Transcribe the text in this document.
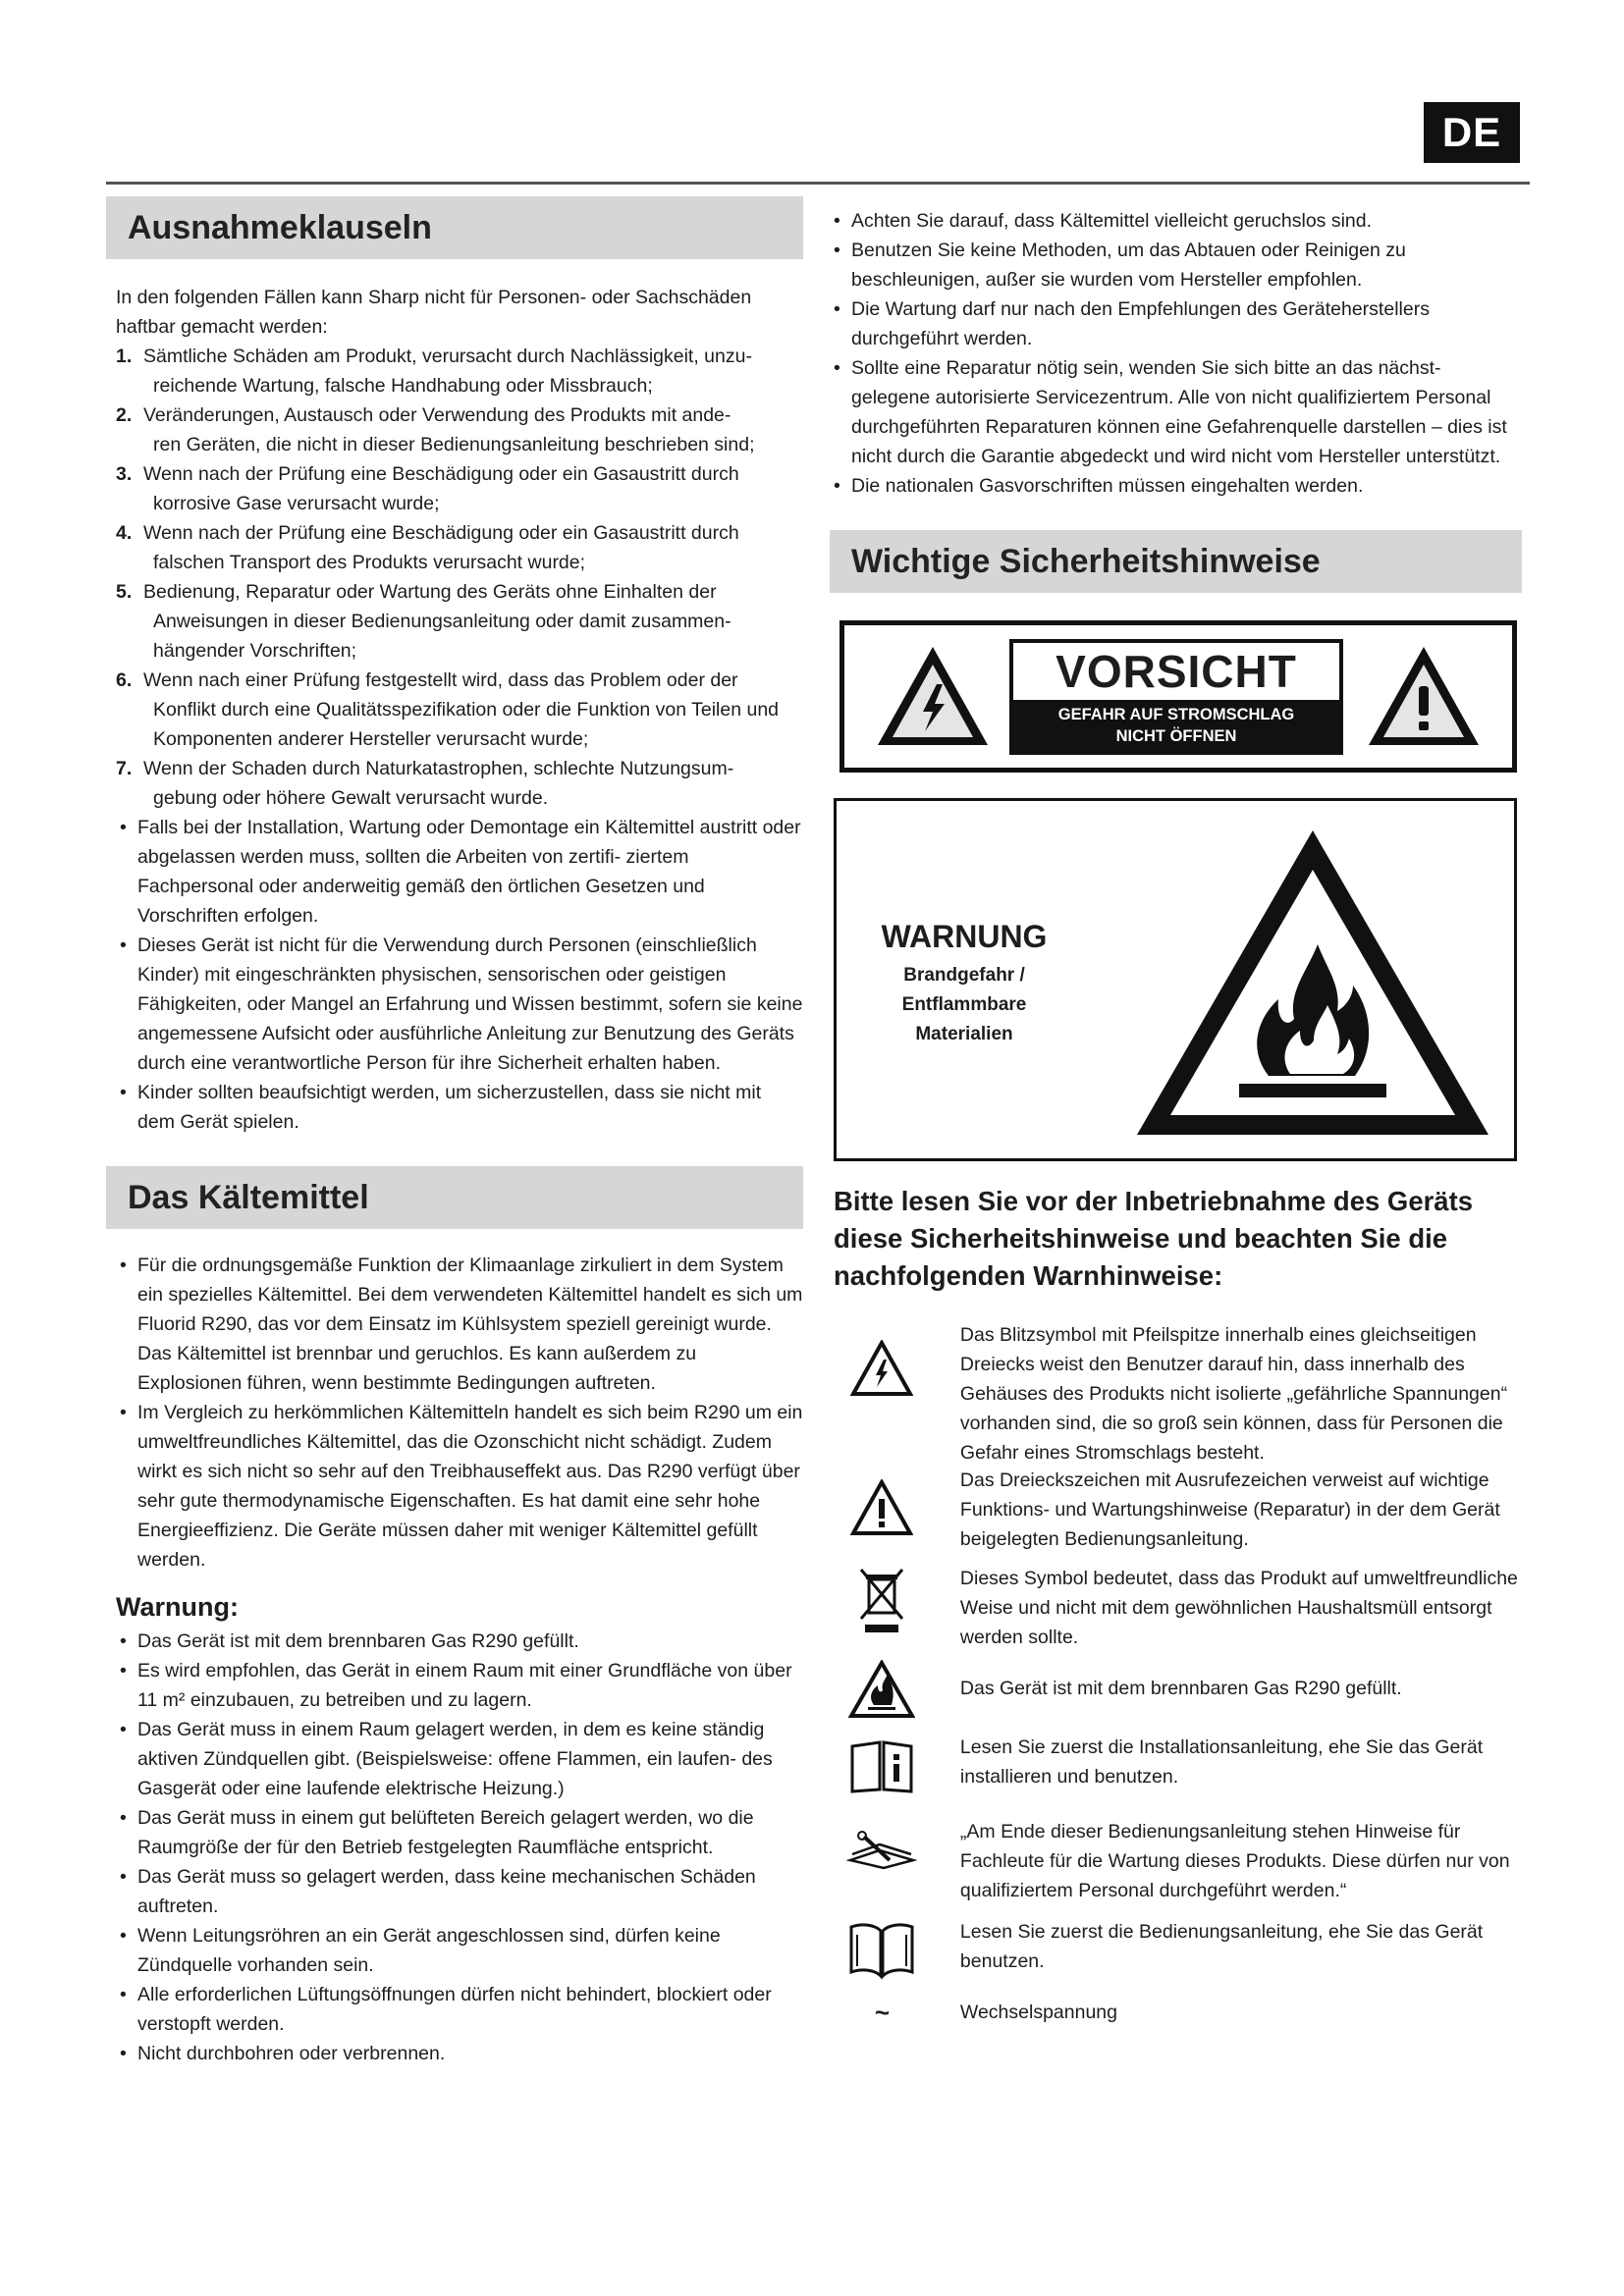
DE
Ausnahmeklauseln

In den folgenden Fällen kann Sharp nicht für Personen- oder Sachschäden haftbar gemacht werden:

1. Sämtliche Schäden am Produkt, verursacht durch Nachlässigkeit, unzu-
reichende Wartung, falsche Handhabung oder Missbrauch;
2. Veränderungen, Austausch oder Verwendung des Produkts mit ande-
ren Geräten, die nicht in dieser Bedienungsanleitung beschrieben sind;
3. Wenn nach der Prüfung eine Beschädigung oder ein Gasaustritt durch
korrosive Gase verursacht wurde;
4. Wenn nach der Prüfung eine Beschädigung oder ein Gasaustritt durch
falschen Transport des Produkts verursacht wurde;
5. Bedienung, Reparatur oder Wartung des Geräts ohne Einhalten der
Anweisungen in dieser Bedienungsanleitung oder damit zusammen- hängender Vorschriften;
6. Wenn nach einer Prüfung festgestellt wird, dass das Problem oder der
Konflikt durch eine Qualitätsspezifikation oder die Funktion von Teilen und Komponenten anderer Hersteller verursacht wurde;
7. Wenn der Schaden durch Naturkatastrophen, schlechte Nutzungsum-
gebung oder höhere Gewalt verursacht wurde.
• Falls bei der Installation, Wartung oder Demontage ein Kältemittel austritt oder abgelassen werden muss, sollten die Arbeiten von zertifi- ziertem Fachpersonal oder anderweitig gemäß den örtlichen Gesetzen und Vorschriften erfolgen.
• Dieses Gerät ist nicht für die Verwendung durch Personen (einschließlich Kinder) mit eingeschränkten physischen, sensorischen oder geistigen Fähigkeiten, oder Mangel an Erfahrung und Wissen bestimmt, sofern sie keine angemessene Aufsicht oder ausführliche Anleitung zur Benutzung des Geräts durch eine verantwortliche Person für ihre Sicherheit erhalten haben.
• Kinder sollten beaufsichtigt werden, um sicherzustellen, dass sie nicht mit dem Gerät spielen.
Das Kältemittel
• Für die ordnungsgemäße Funktion der Klimaanlage zirkuliert in dem System ein spezielles Kältemittel. Bei dem verwendeten Kältemittel handelt es sich um Fluorid R290, das vor dem Einsatz im Kühlsystem speziell gereinigt wurde. Das Kältemittel ist brennbar und geruchlos. Es kann außerdem zu Explosionen führen, wenn bestimmte Bedingungen auftreten.
• Im Vergleich zu herkömmlichen Kältemitteln handelt es sich beim R290 um ein umweltfreundliches Kältemittel, das die Ozonschicht nicht schädigt. Zudem wirkt es sich nicht so sehr auf den Treibhauseffekt aus. Das R290 verfügt über sehr gute thermodynamische Eigenschaften. Es hat damit eine sehr hohe Energieeffizienz. Die Geräte müssen daher mit weniger Kältemittel gefüllt werden.
Warnung:
• Das Gerät ist mit dem brennbaren Gas R290 gefüllt.
• Es wird empfohlen, das Gerät in einem Raum mit einer Grundfläche von über 11 m² einzubauen, zu betreiben und zu lagern.
• Das Gerät muss in einem Raum gelagert werden, in dem es keine ständig aktiven Zündquellen gibt. (Beispielsweise: offene Flammen, ein laufen- des Gasgerät oder eine laufende elektrische Heizung.)
• Das Gerät muss in einem gut belüfteten Bereich gelagert werden, wo die Raumgröße der für den Betrieb festgelegten Raumfläche entspricht.
• Das Gerät muss so gelagert werden, dass keine mechanischen Schäden auftreten.
• Wenn Leitungsröhren an ein Gerät angeschlossen sind, dürfen keine Zündquelle vorhanden sein.
• Alle erforderlichen Lüftungsöffnungen dürfen nicht behindert, blockiert oder verstopft werden.
• Nicht durchbohren oder verbrennen.
• Achten Sie darauf, dass Kältemittel vielleicht geruchslos sind.
• Benutzen Sie keine Methoden, um das Abtauen oder Reinigen zu beschleunigen, außer sie wurden vom Hersteller empfohlen.
• Die Wartung darf nur nach den Empfehlungen des Geräteherstellers durchgeführt werden.
• Sollte eine Reparatur nötig sein, wenden Sie sich bitte an das nächst- gelegene autorisierte Servicezentrum. Alle von nicht qualifiziertem Personal durchgeführten Reparaturen können eine Gefahrenquelle darstellen – dies ist nicht durch die Garantie abgedeckt und wird nicht vom Hersteller unterstützt.
• Die nationalen Gasvorschriften müssen eingehalten werden.
Wichtige Sicherheitshinweise
VORSICHT
GEFAHR AUF STROMSCHLAG
NICHT ÖFFNEN
WARNUNG
Brandgefahr /
Entflammbare
Materialien
Bitte lesen Sie vor der Inbetriebnahme des Geräts diese Sicherheitshinweise und beachten Sie die nachfolgenden Warnhinweise:
Das Blitzsymbol mit Pfeilspitze innerhalb eines gleichseitigen Dreiecks weist den Benutzer darauf hin, dass innerhalb des Gehäuses des Produkts nicht isolierte „gefährliche Spannungen“ vorhanden sind, die so groß sein können, dass für Personen die Gefahr eines Stromschlags besteht.
Das Dreieckszeichen mit Ausrufezeichen verweist auf wichtige Funktions- und Wartungshinweise (Reparatur) in der dem Gerät beigelegten Bedienungsanleitung.
Dieses Symbol bedeutet, dass das Produkt auf umweltfreundliche Weise und nicht mit dem gewöhnlichen Haushaltsmüll entsorgt werden sollte.
Das Gerät ist mit dem brennbaren Gas R290 gefüllt.
Lesen Sie zuerst die Installationsanleitung, ehe Sie das Gerät installieren und benutzen.
„Am Ende dieser Bedienungsanleitung stehen Hinweise für Fachleute für die Wartung dieses Produkts. Diese dürfen nur von qualifiziertem Personal durchgeführt werden.“
Lesen Sie zuerst die Bedienungsanleitung, ehe Sie das Gerät benutzen.
~	Wechselspannung
